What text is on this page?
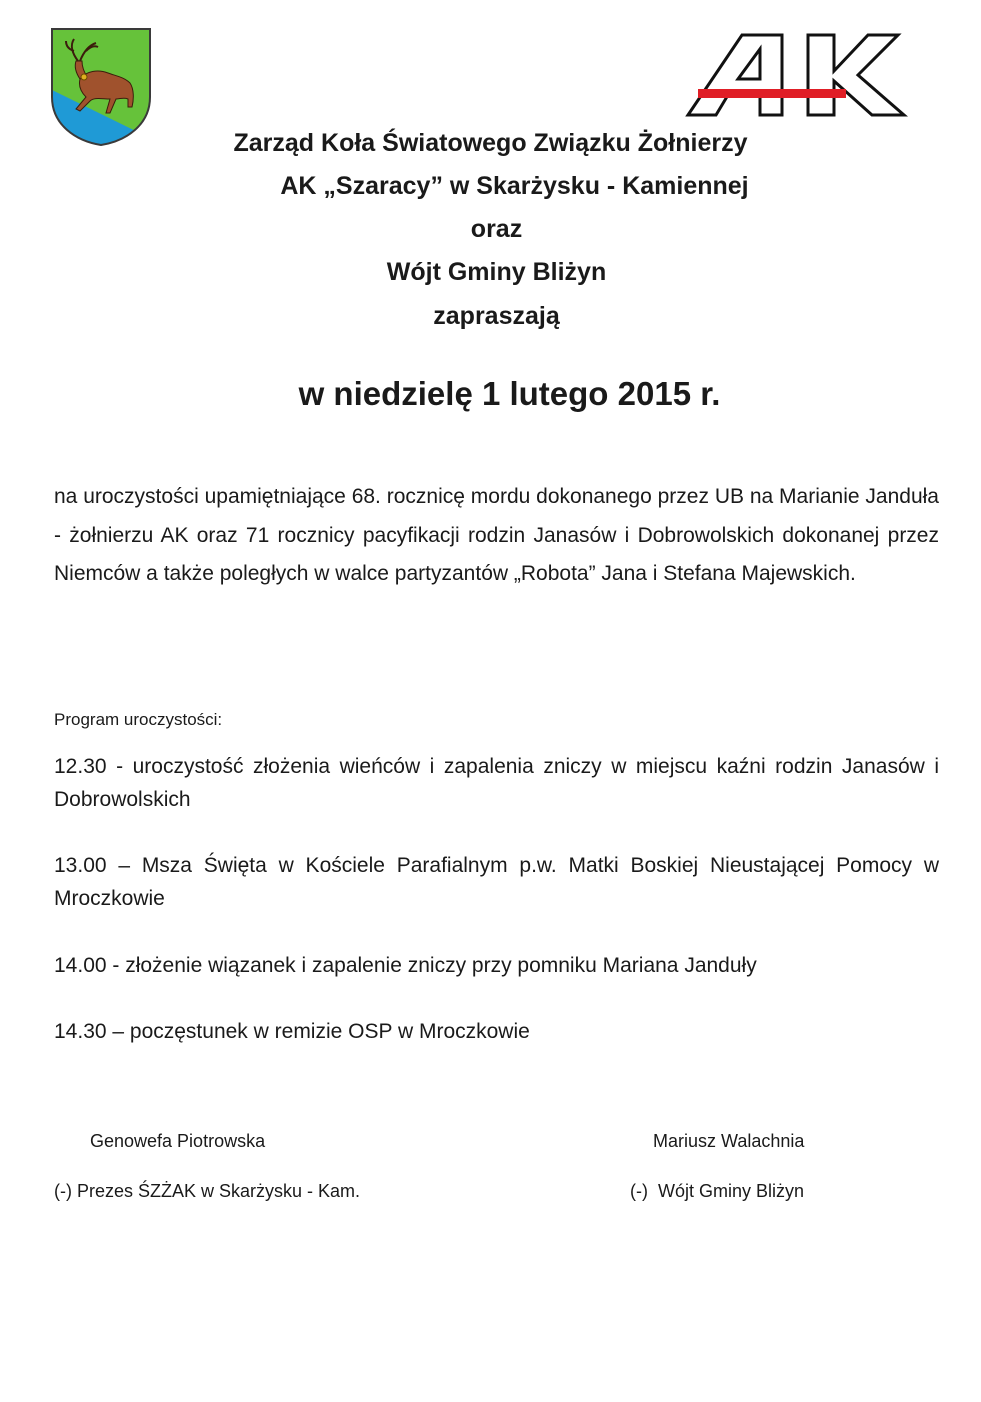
Zarząd Koła Światowego Związku Żołnierzy
AK „Szaracy” w Skarżysku - Kamiennej
oraz
Wójt Gminy Bliżyn
zapraszają
w niedzielę 1 lutego 2015 r.

na uroczystości upamiętniające 68. rocznicę mordu dokonanego przez UB na Marianie Janduła - żołnierzu AK oraz 71 rocznicy pacyfikacji rodzin Janasów i Dobrowolskich dokonanej przez Niemców a także poległych w walce partyzantów „Robota” Jana i Stefana Majewskich.

Program uroczystości:

12.30 - uroczystość złożenia wieńców i zapalenia zniczy w miejscu kaźni rodzin Janasów i Dobrowolskich

13.00 – Msza Święta w Kościele Parafialnym p.w. Matki Boskiej Nieustającej Pomocy w Mroczkowie

14.00 - złożenie wiązanek i zapalenie zniczy przy pomniku Mariana Janduły

14.30 – poczęstunek w remizie OSP w Mroczkowie

Genowefa Piotrowska
(-) Prezes ŚZŻAK w Skarżysku - Kam.
Mariusz Walachnia
(-)  Wójt Gminy Bliżyn
